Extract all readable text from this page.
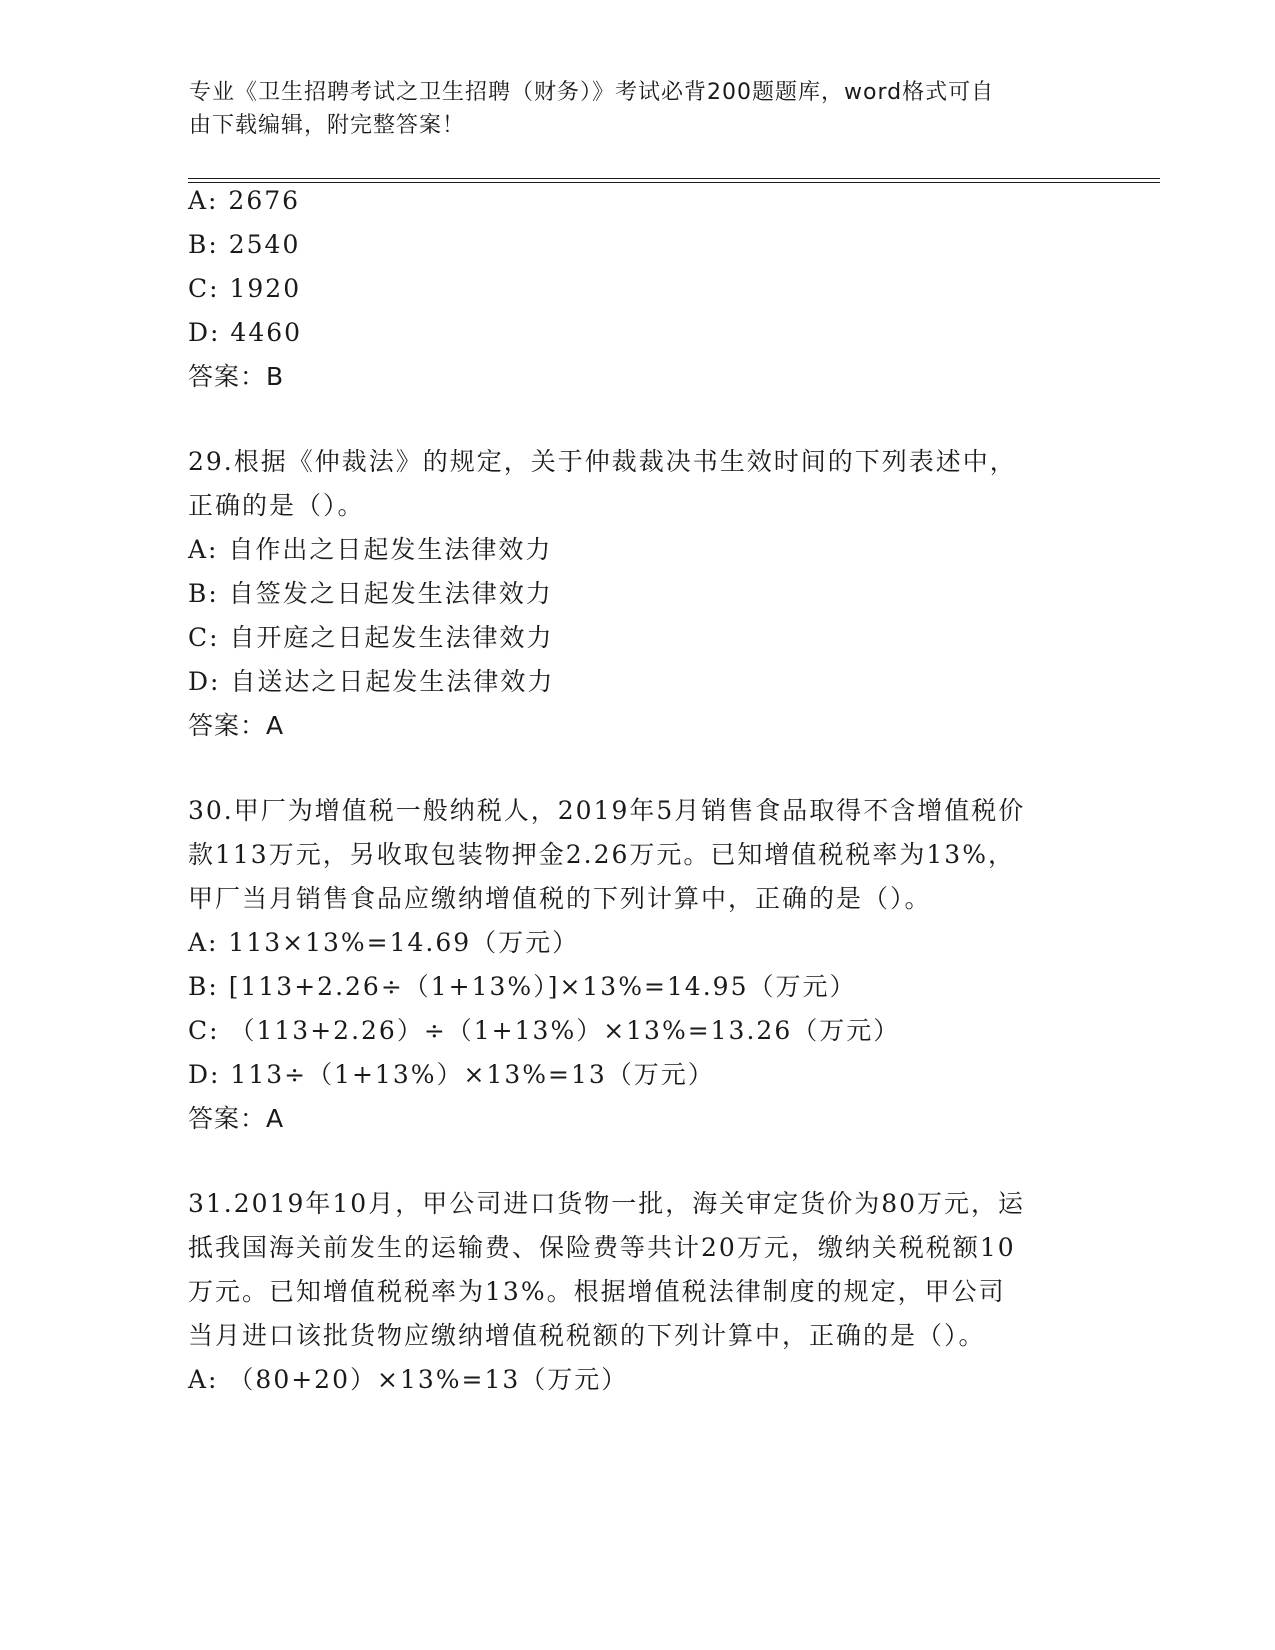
专业《卫生招聘考试之卫生招聘（财务）》考试必背200题题库，word格式可自
由下载编辑，附完整答案！
A: 2676
B: 2540
C: 1920
D: 4460
答案：B
29.根据《仲裁法》的规定，关于仲裁裁决书生效时间的下列表述中，
正确的是（）。
A: 自作出之日起发生法律效力
B: 自签发之日起发生法律效力
C: 自开庭之日起发生法律效力
D: 自送达之日起发生法律效力
答案：A
30.甲厂为增值税一般纳税人，2019年5月销售食品取得不含增值税价
款113万元，另收取包装物押金2.26万元。已知增值税税率为13%，
甲厂当月销售食品应缴纳增值税的下列计算中，正确的是（）。
A: 113×13%=14.69（万元）
B: [113+2.26÷（1+13%）]×13%=14.95（万元）
C: （113+2.26）÷（1+13%）×13%=13.26（万元）
D: 113÷（1+13%）×13%=13（万元）
答案：A
31.2019年10月，甲公司进口货物一批，海关审定货价为80万元，运
抵我国海关前发生的运输费、保险费等共计20万元，缴纳关税税额10
万元。已知增值税税率为13%。根据增值税法律制度的规定，甲公司
当月进口该批货物应缴纳增值税税额的下列计算中，正确的是（）。
A: （80+20）×13%=13（万元）
